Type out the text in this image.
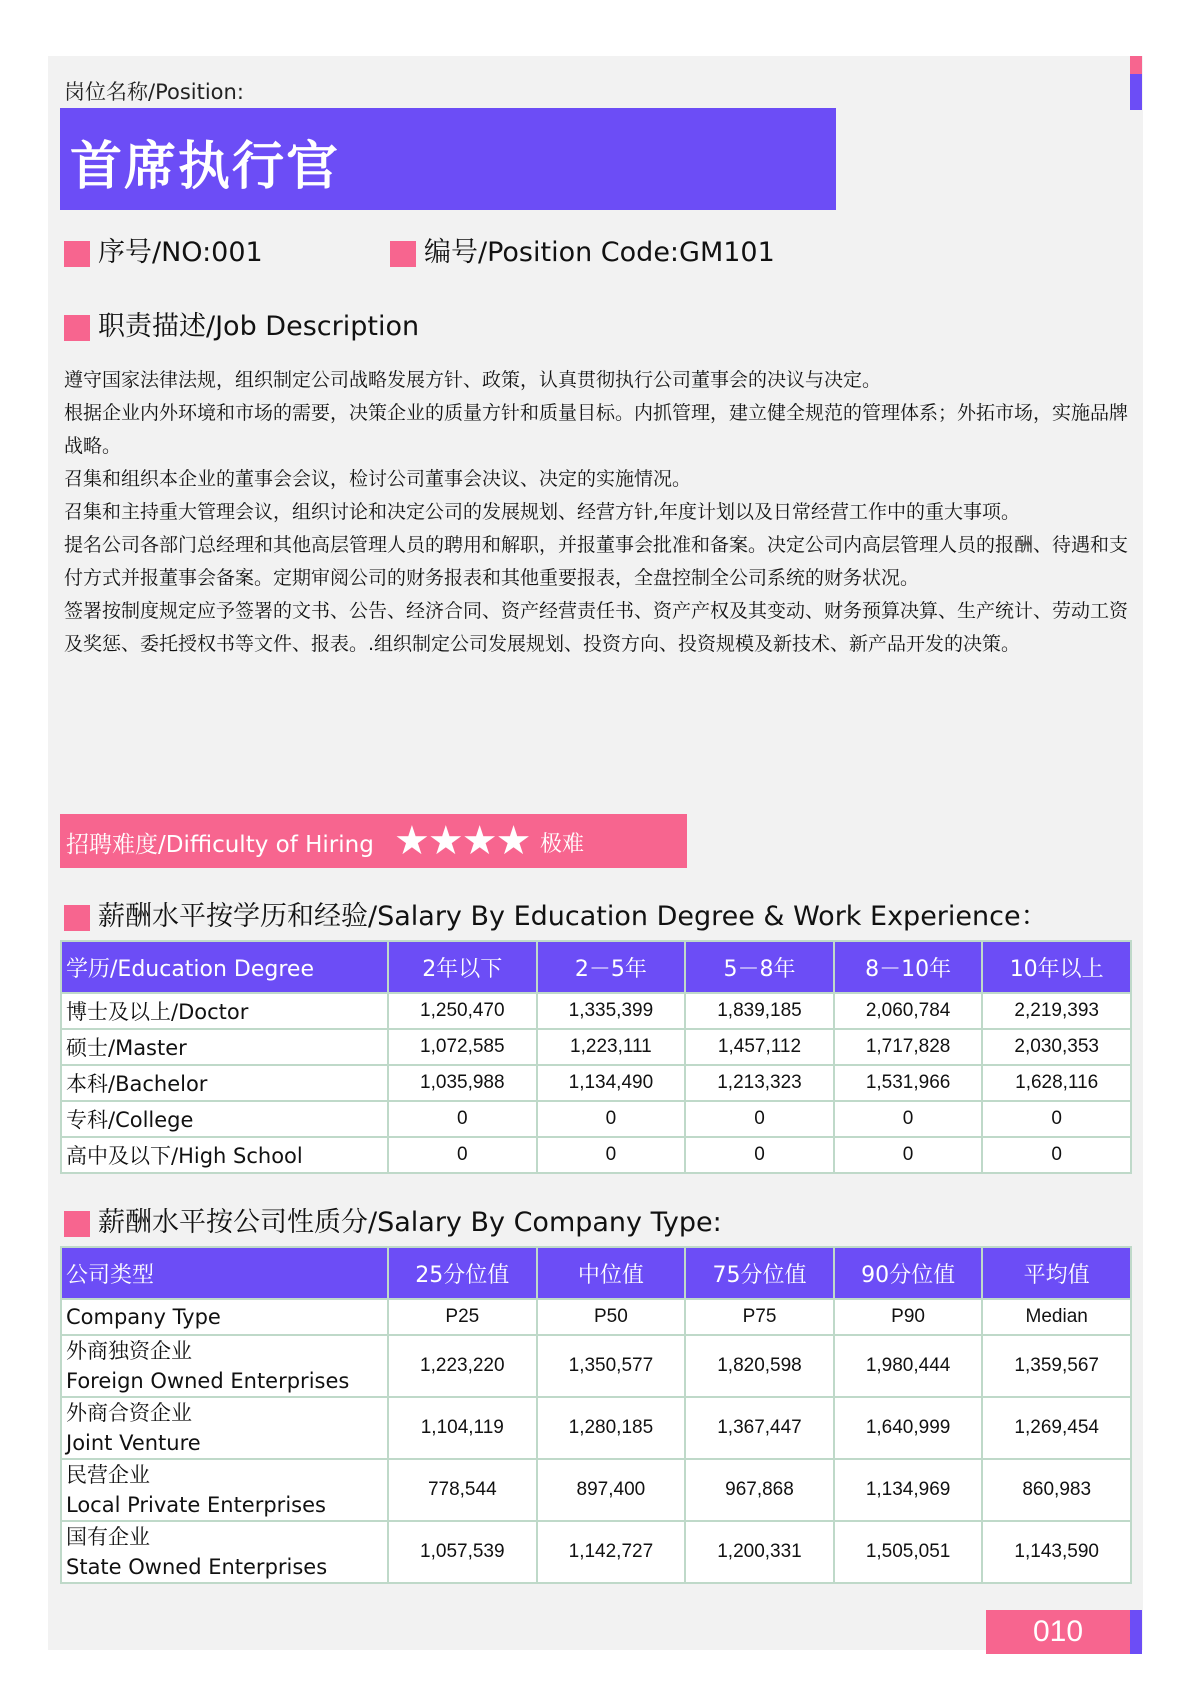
岗位名称/Position:
首席执行官
序号/NO:001	编号/Position Code:GM101
职责描述/Job Description

遵守国家法律法规，组织制定公司战略发展方针、政策，认真贯彻执行公司董事会的决议与决定。

根据企业内外环境和市场的需要，决策企业的质量方针和质量目标。内抓管理，建立健全规范的管理体系；外拓市场，实施品牌战略。

召集和组织本企业的董事会会议，检讨公司董事会决议、决定的实施情况。

召集和主持重大管理会议，组织讨论和决定公司的发展规划、经营方针,年度计划以及日常经营工作中的重大事项。

提名公司各部门总经理和其他高层管理人员的聘用和解职，并报董事会批准和备案。决定公司内高层管理人员的报酬、待遇和支付方式并报董事会备案。定期审阅公司的财务报表和其他重要报表，全盘控制全公司系统的财务状况。

签署按制度规定应予签署的文书、公告、经济合同、资产经营责任书、资产产权及其变动、财务预算决算、生产统计、劳动工资及奖惩、委托授权书等文件、报表。.组织制定公司发展规划、投资方向、投资规模及新技术、新产品开发的决策。

招聘难度/Difficulty of Hiring ★★★★ 极难
薪酬水平按学历和经验/Salary By Education Degree & Work Experience：
学历/Education Degree	2年以下	2－5年	5－8年	8－10年	10年以上
博士及以上/Doctor	1,250,470	1,335,399	1,839,185	2,060,784	2,219,393
硕士/Master	1,072,585	1,223,111	1,457,112	1,717,828	2,030,353
本科/Bachelor	1,035,988	1,134,490	1,213,323	1,531,966	1,628,116
专科/College	0	0	0	0	0
高中及以下/High School	0	0	0	0	0
薪酬水平按公司性质分/Salary By Company Type:
公司类型	25分位值	中位值	75分位值	90分位值	平均值
Company Type	P25	P50	P75	P90	Median
外商独资企业
Foreign Owned Enterprises	1,223,220	1,350,577	1,820,598	1,980,444	1,359,567
外商合资企业
Joint Venture	1,104,119	1,280,185	1,367,447	1,640,999	1,269,454
民营企业
Local Private Enterprises	778,544	897,400	967,868	1,134,969	860,983
国有企业
State Owned Enterprises	1,057,539	1,142,727	1,200,331	1,505,051	1,143,590
010
